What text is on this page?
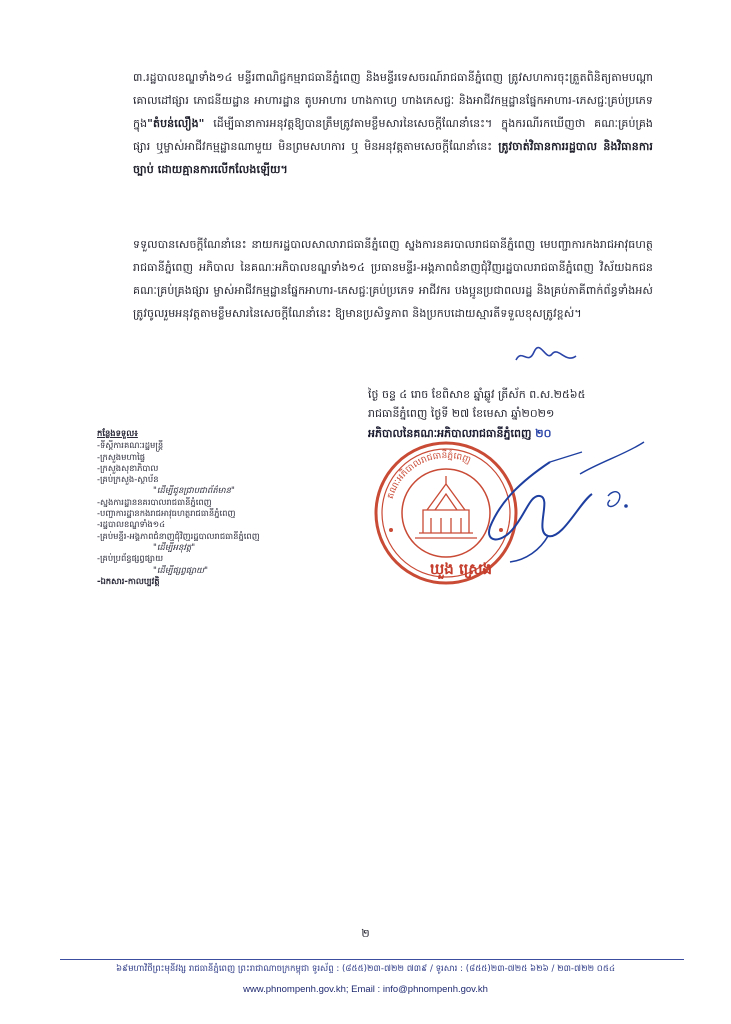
៣.រដ្ឋបាលខណ្ឌទាំង១៤ មន្ទីរពាណិជ្ជកម្មរាជធានីភ្នំពេញ និងមន្ទីរទេសចរណ៍រាជធានីភ្នំពេញ ត្រូវសហការចុះត្រួតពិនិត្យតាមបណ្ដាគោលដៅផ្សារ ភោជនីយដ្ឋាន អាហារដ្ឋាន តូបអាហារ ហាងកាហ្វេ ហាងភេសជ្ជៈ និងអាជីវកម្មដ្ឋានផ្នែកអាហារ-ភេសជ្ជៈគ្រប់ប្រភេទ ក្នុង"តំបន់លឿង" ដើម្បីធានាការអនុវត្តឱ្យបានត្រឹមត្រូវតាមខ្លឹមសារនៃសេចក្តីណែនាំនេះ។ ក្នុងករណីរកឃើញថា គណៈគ្រប់គ្រងផ្សារ ឬម្ចាស់អាជីវកម្មដ្ឋានណាមួយ មិនព្រមសហការ ឬ មិនអនុវត្តតាមសេចក្តីណែនាំនេះ ត្រូវចាត់វិធានការរដ្ឋបាល និងវិធានការច្បាប់ ដោយគ្មានការលើកលែងឡើយ។
ទទួលបានសេចក្តីណែនាំនេះ នាយករដ្ឋបាលសាលារាជធានីភ្នំពេញ ស្នងការនគរបាលរាជធានីភ្នំពេញ មេបញ្ជាការកងរាជអាវុធហត្ថរាជធានីភ្នំពេញ អភិបាល នៃគណៈអភិបាលខណ្ឌទាំង១៤ ប្រធានមន្ទីរ-អង្គភាពជំនាញជុំវិញរដ្ឋបាលរាជធានីភ្នំពេញ វិស័យឯកជន គណៈគ្រប់គ្រងផ្សារ ម្ចាស់អាជីវកម្មដ្ឋានផ្នែកអាហារ-ភេសជ្ជៈគ្រប់ប្រភេទ អាជីវករ បងប្អូនប្រជាពលរដ្ឋ និងគ្រប់ភាគីពាក់ព័ន្ធទាំងអស់ ត្រូវចូលរួមអនុវត្តតាមខ្លឹមសារនៃសេចក្តីណែនាំនេះ ឱ្យមានប្រសិទ្ធភាព និងប្រកបដោយស្មារតីទទួលខុសត្រូវខ្ពស់។
ថ្ងៃ ចន្ទ ៤ រោច ខែពិសាខ ឆ្នាំឆ្លូវ ត្រីស័ក ព.ស.២៥៦៥
រាជធានីភ្នំពេញ ថ្ងៃទី ២៧ ខែមេសា ឆ្នាំ២០២១
អភិបាលនៃគណៈអភិបាលរាជធានីភ្នំពេញ ២០
កន្លែងទទួល៖
-ទីស្ដីការគណៈរដ្ឋមន្ត្រី
-ក្រសួងមហាផ្ទៃ
-ក្រសួងសុខាភិបាល
-គ្រប់ក្រសួង-ស្ថាប័ន
"ដើម្បីជូនជ្រាបជាព័ត៌មាន"
-ស្នងការដ្ឋាននគរបាលរាជធានីភ្នំពេញ
-បញ្ជាការដ្ឋានកងរាជអាវុធហត្ថរាជធានីភ្នំពេញ
-រដ្ឋបាលខណ្ឌទាំង១៤
-គ្រប់មន្ទីរ-អង្គភាពជំនាញជុំវិញរដ្ឋបាលរាជធានីភ្នំពេញ
"ដើម្បីអនុវត្ត"
-គ្រប់ប្រព័ន្ធផ្សព្វផ្សាយ
"ដើម្បីផ្សព្វផ្សាយ"
-ឯកសារ-កាលប្បវត្តិ
គណៈអភិបាលរាជធានីភ្នំពេញ
ឃួង ស្រេង
២
៦៩មហាវិថីព្រះមុនីវង្ស រាជធានីភ្នំពេញ ព្រះរាជាណាចក្រកម្ពុជា ទូរស័ព្ទ : (៨៥៥)២៣-៧២២ ៧៣៩ / ទូរសារ : (៨៥៥)២៣-៧២៥ ៦២៦ / ២៣-៧២២ ០៥៤
www.phnompenh.gov.kh; Email : info@phnompenh.gov.kh
